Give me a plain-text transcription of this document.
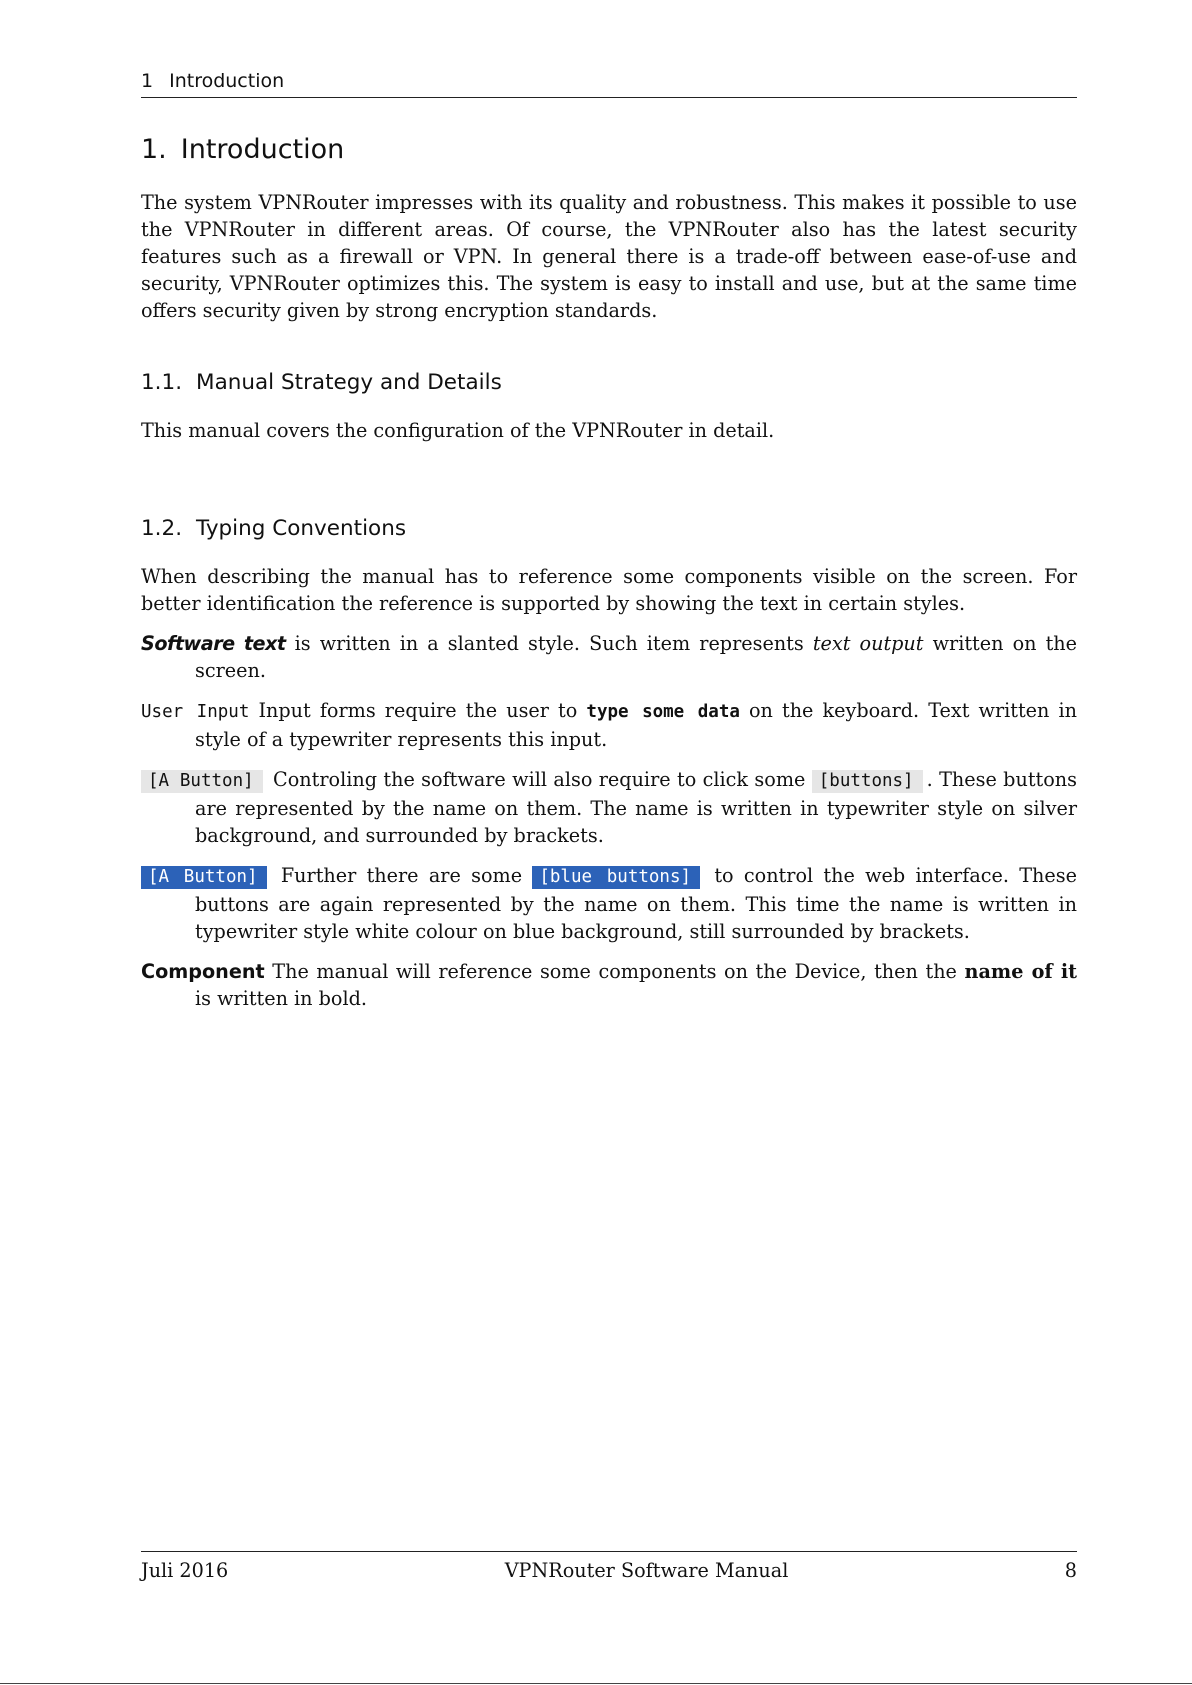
1 Introduction
1. Introduction

The system VPNRouter impresses with its quality and robustness. This makes it possible to use the VPNRouter in different areas. Of course, the VPNRouter also has the latest security features such as a firewall or VPN. In general there is a trade-off between ease-of-use and security, VPNRouter optimizes this. The system is easy to install and use, but at the same time offers security given by strong encryption standards.

1.1. Manual Strategy and Details

This manual covers the configuration of the VPNRouter in detail.

1.2. Typing Conventions

When describing the manual has to reference some components visible on the screen. For better identification the reference is supported by showing the text in certain styles.

Software text is written in a slanted style. Such item represents text output written on the screen.
User Input Input forms require the user to type some data on the keyboard. Text written in style of a typewriter represents this input.
[A Button] Controling the software will also require to click some [buttons] . These buttons are represented by the name on them. The name is written in typewriter style on silver background, and surrounded by brackets.
[A Button] Further there are some [blue buttons] to control the web interface. These buttons are again represented by the name on them. This time the name is written in typewriter style white colour on blue background, still surrounded by brackets.
Component The manual will reference some components on the Device, then the name of it is written in bold.
Juli 2016	VPNRouter Software Manual	8
